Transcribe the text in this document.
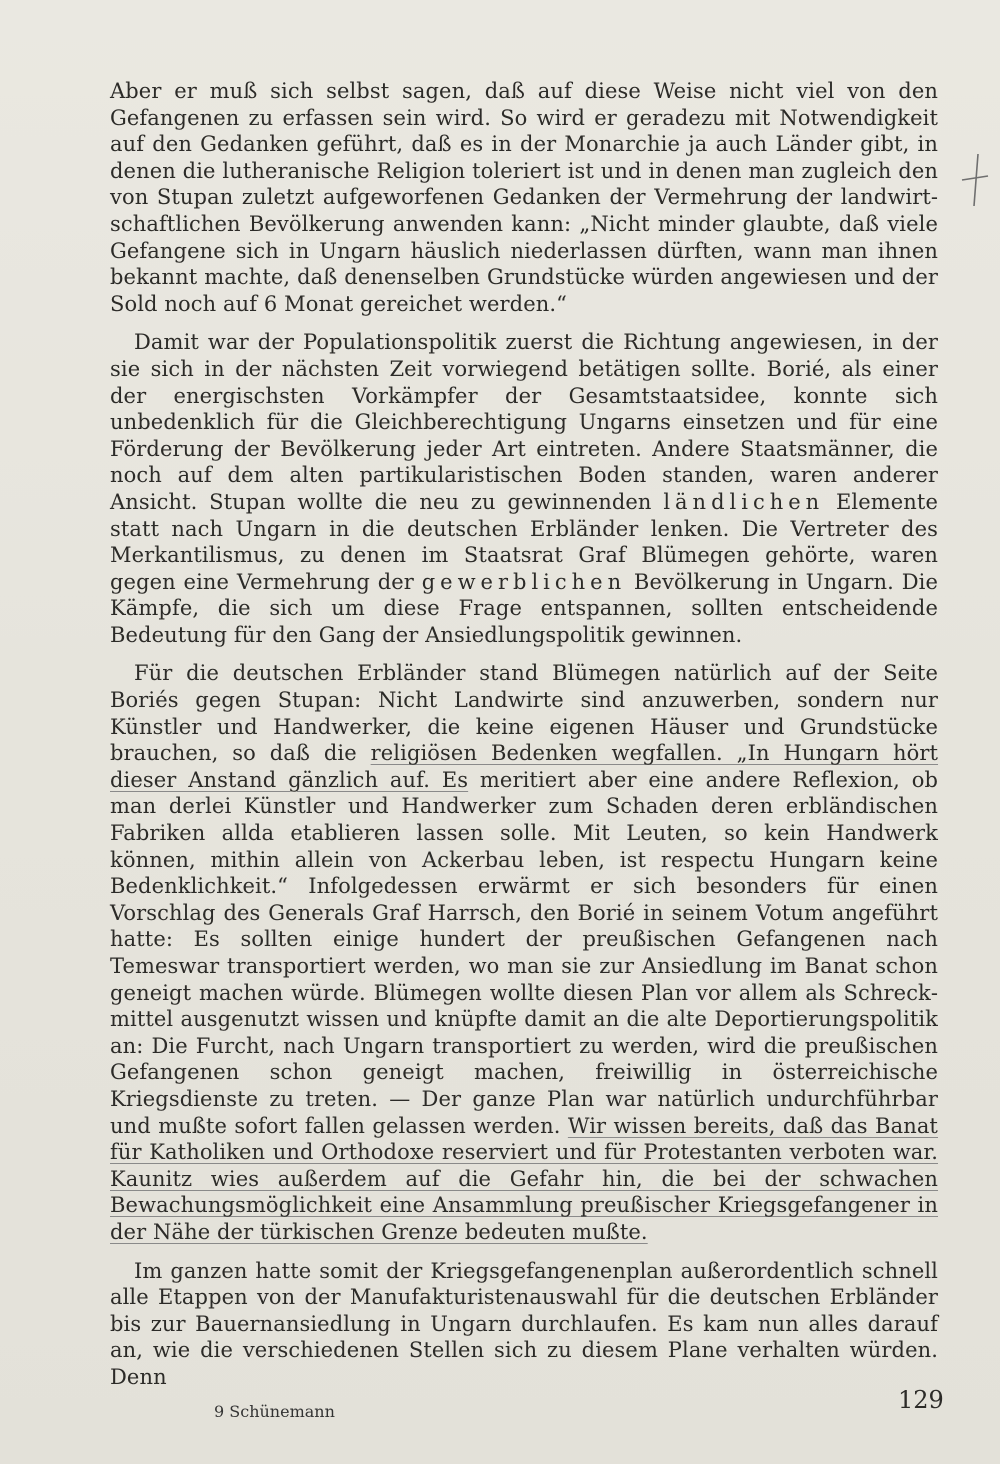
Aber er muß sich selbst sagen, daß auf diese Weise nicht viel von den Gefangenen zu erfassen sein wird. So wird er geradezu mit Notwendigkeit auf den Gedanken geführt, daß es in der Monarchie ja auch Länder gibt, in denen die lutheranische Religion toleriert ist und in denen man zugleich den von Stupan zuletzt aufgeworfenen Gedanken der Vermehrung der landwirtschaftlichen Bevölkerung anwenden kann: „Nicht minder glaubte, daß viele Gefangene sich in Ungarn häuslich niederlassen dürften, wann man ihnen bekannt machte, daß denenselben Grundstücke würden angewiesen und der Sold noch auf 6 Monat gereichet werden.“

Damit war der Populationspolitik zuerst die Richtung angewiesen, in der sie sich in der nächsten Zeit vorwiegend betätigen sollte. Borié, als einer der energischsten Vorkämpfer der Gesamtstaatsidee, konnte sich unbedenklich für die Gleichberechtigung Ungarns einsetzen und für eine Förderung der Bevölkerung jeder Art eintreten. Andere Staatsmänner, die noch auf dem alten partikularistischen Boden standen, waren anderer Ansicht. Stupan wollte die neu zu gewinnenden ländlichen Elemente statt nach Ungarn in die deutschen Erbländer lenken. Die Vertreter des Merkantilismus, zu denen im Staatsrat Graf Blümegen gehörte, waren gegen eine Vermehrung der gewerblichen Bevölkerung in Ungarn. Die Kämpfe, die sich um diese Frage entspannen, sollten entscheidende Bedeutung für den Gang der Ansiedlungspolitik gewinnen.

Für die deutschen Erbländer stand Blümegen natürlich auf der Seite Boriés gegen Stupan: Nicht Landwirte sind anzuwerben, sondern nur Künstler und Handwerker, die keine eigenen Häuser und Grundstücke brauchen, so daß die religiösen Bedenken wegfallen. „In Hungarn hört dieser Anstand gänzlich auf. Es meritiert aber eine andere Reflexion, ob man derlei Künstler und Handwerker zum Schaden deren erbländischen Fabriken allda etablieren lassen solle. Mit Leuten, so kein Handwerk können, mithin allein von Ackerbau leben, ist respectu Hungarn keine Bedenklichkeit.“ Infolgedessen erwärmt er sich besonders für einen Vorschlag des Generals Graf Harrsch, den Borié in seinem Votum angeführt hatte: Es sollten einige hundert der preußischen Gefangenen nach Temeswar transportiert werden, wo man sie zur Ansiedlung im Banat schon geneigt machen würde. Blümegen wollte diesen Plan vor allem als Schreckmittel ausgenutzt wissen und knüpfte damit an die alte Deportierungspolitik an: Die Furcht, nach Ungarn transportiert zu werden, wird die preußischen Gefangenen schon geneigt machen, freiwillig in österreichische Kriegsdienste zu treten. — Der ganze Plan war natürlich undurchführbar und mußte sofort fallen gelassen werden. Wir wissen bereits, daß das Banat für Katholiken und Orthodoxe reserviert und für Protestanten verboten war. Kaunitz wies außerdem auf die Gefahr hin, die bei der schwachen Bewachungsmöglichkeit eine Ansammlung preußischer Kriegsgefangener in der Nähe der türkischen Grenze bedeuten mußte.

Im ganzen hatte somit der Kriegsgefangenenplan außerordentlich schnell alle Etappen von der Manufakturistenauswahl für die deutschen Erbländer bis zur Bauernansiedlung in Ungarn durchlaufen. Es kam nun alles darauf an, wie die verschiedenen Stellen sich zu diesem Plane verhalten würden. Denn

9 Schünemann	129
